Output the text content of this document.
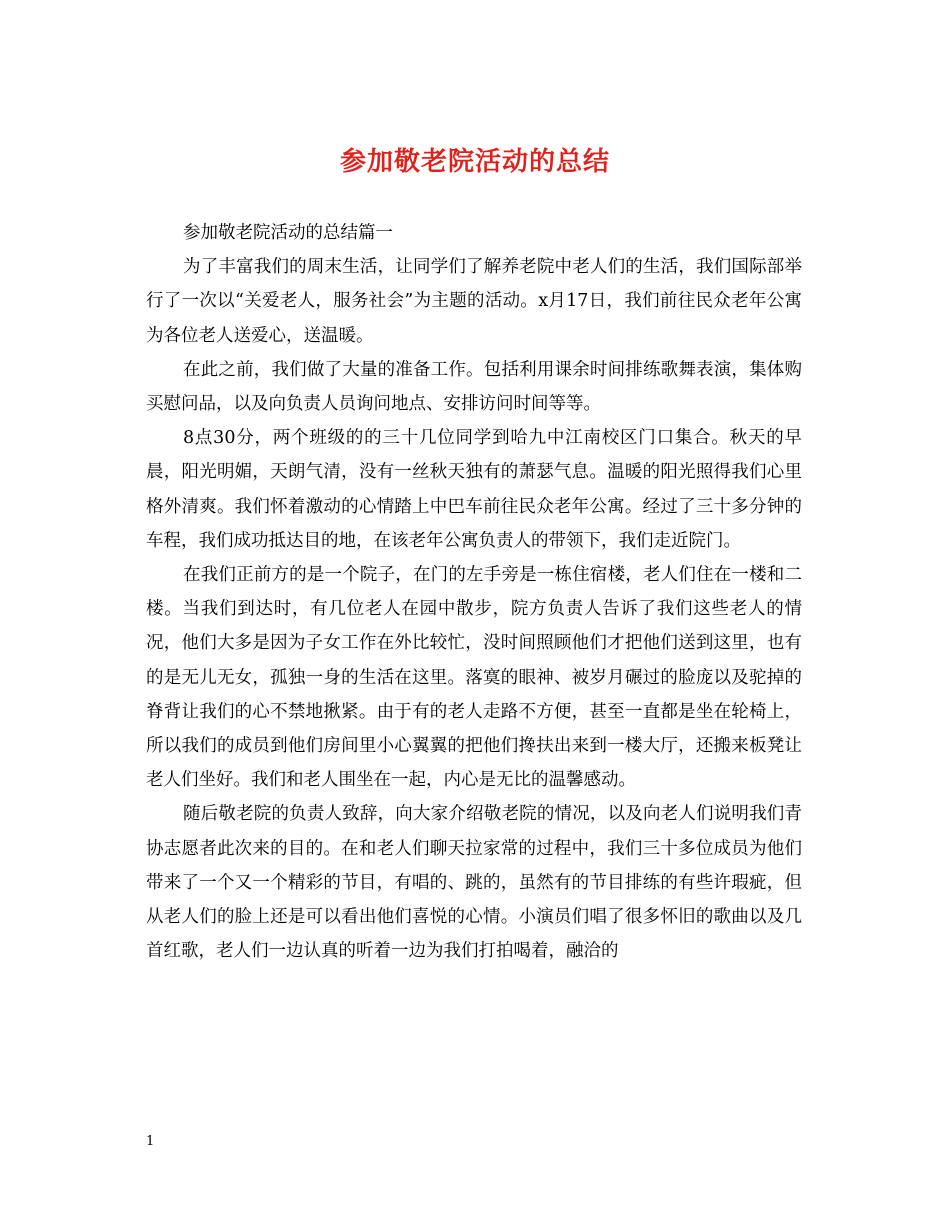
参加敬老院活动的总结

参加敬老院活动的总结篇一

为了丰富我们的周末生活，让同学们了解养老院中老人们的生活，我们国际部举行了一次以“关爱老人，服务社会”为主题的活动。x月17日，我们前往民众老年公寓为各位老人送爱心，送温暖。

在此之前，我们做了大量的准备工作。包括利用课余时间排练歌舞表演，集体购买慰问品，以及向负责人员询问地点、安排访问时间等等。

8点30分，两个班级的的三十几位同学到哈九中江南校区门口集合。秋天的早晨，阳光明媚，天朗气清，没有一丝秋天独有的萧瑟气息。温暖的阳光照得我们心里格外清爽。我们怀着激动的心情踏上中巴车前往民众老年公寓。经过了三十多分钟的车程，我们成功抵达目的地，在该老年公寓负责人的带领下，我们走近院门。

在我们正前方的是一个院子，在门的左手旁是一栋住宿楼，老人们住在一楼和二楼。当我们到达时，有几位老人在园中散步，院方负责人告诉了我们这些老人的情况，他们大多是因为子女工作在外比较忙，没时间照顾他们才把他们送到这里，也有的是无儿无女，孤独一身的生活在这里。落寞的眼神、被岁月碾过的脸庞以及驼掉的脊背让我们的心不禁地揪紧。由于有的老人走路不方便，甚至一直都是坐在轮椅上，所以我们的成员到他们房间里小心翼翼的把他们搀扶出来到一楼大厅，还搬来板凳让老人们坐好。我们和老人围坐在一起，内心是无比的温馨感动。

随后敬老院的负责人致辞，向大家介绍敬老院的情况，以及向老人们说明我们青协志愿者此次来的目的。在和老人们聊天拉家常的过程中，我们三十多位成员为他们带来了一个又一个精彩的节目，有唱的、跳的，虽然有的节目排练的有些许瑕疵，但从老人们的脸上还是可以看出他们喜悦的心情。小演员们唱了很多怀旧的歌曲以及几首红歌，老人们一边认真的听着一边为我们打拍喝着，融洽的

1
